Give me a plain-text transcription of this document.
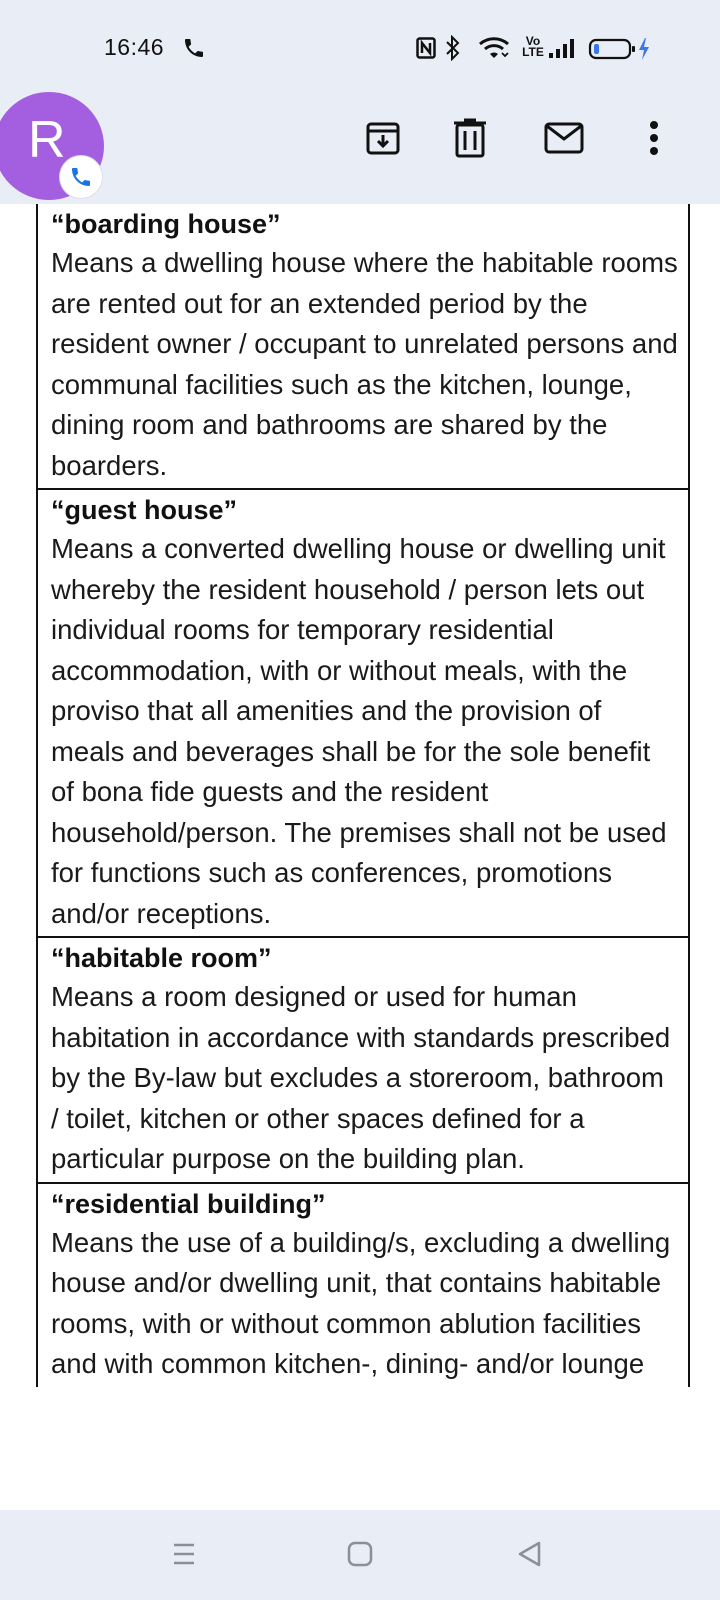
16:46	Vo
LTE
R
“boarding house”
Means a dwelling house where the habitable rooms are rented out for an extended period by the resident owner / occupant to unrelated persons and communal facilities such as the kitchen, lounge, dining room and bathrooms are shared by the boarders.
“guest house”
Means a converted dwelling house or dwelling unit whereby the resident household / person lets out individual rooms for temporary residential accommodation, with or without meals, with the proviso that all amenities and the provision of meals and beverages shall be for the sole benefit of bona fide guests and the resident household/person. The premises shall not be used for functions such as conferences, promotions and/or receptions.
“habitable room”
Means a room designed or used for human habitation in accordance with standards prescribed by the By-law but excludes a storeroom, bathroom / toilet, kitchen or other spaces defined for a particular purpose on the building plan.
“residential building”
Means the use of a building/s, excluding a dwelling house and/or dwelling unit, that contains habitable rooms, with or without common ablution facilities and with common kitchen-, dining- and/or lounge
